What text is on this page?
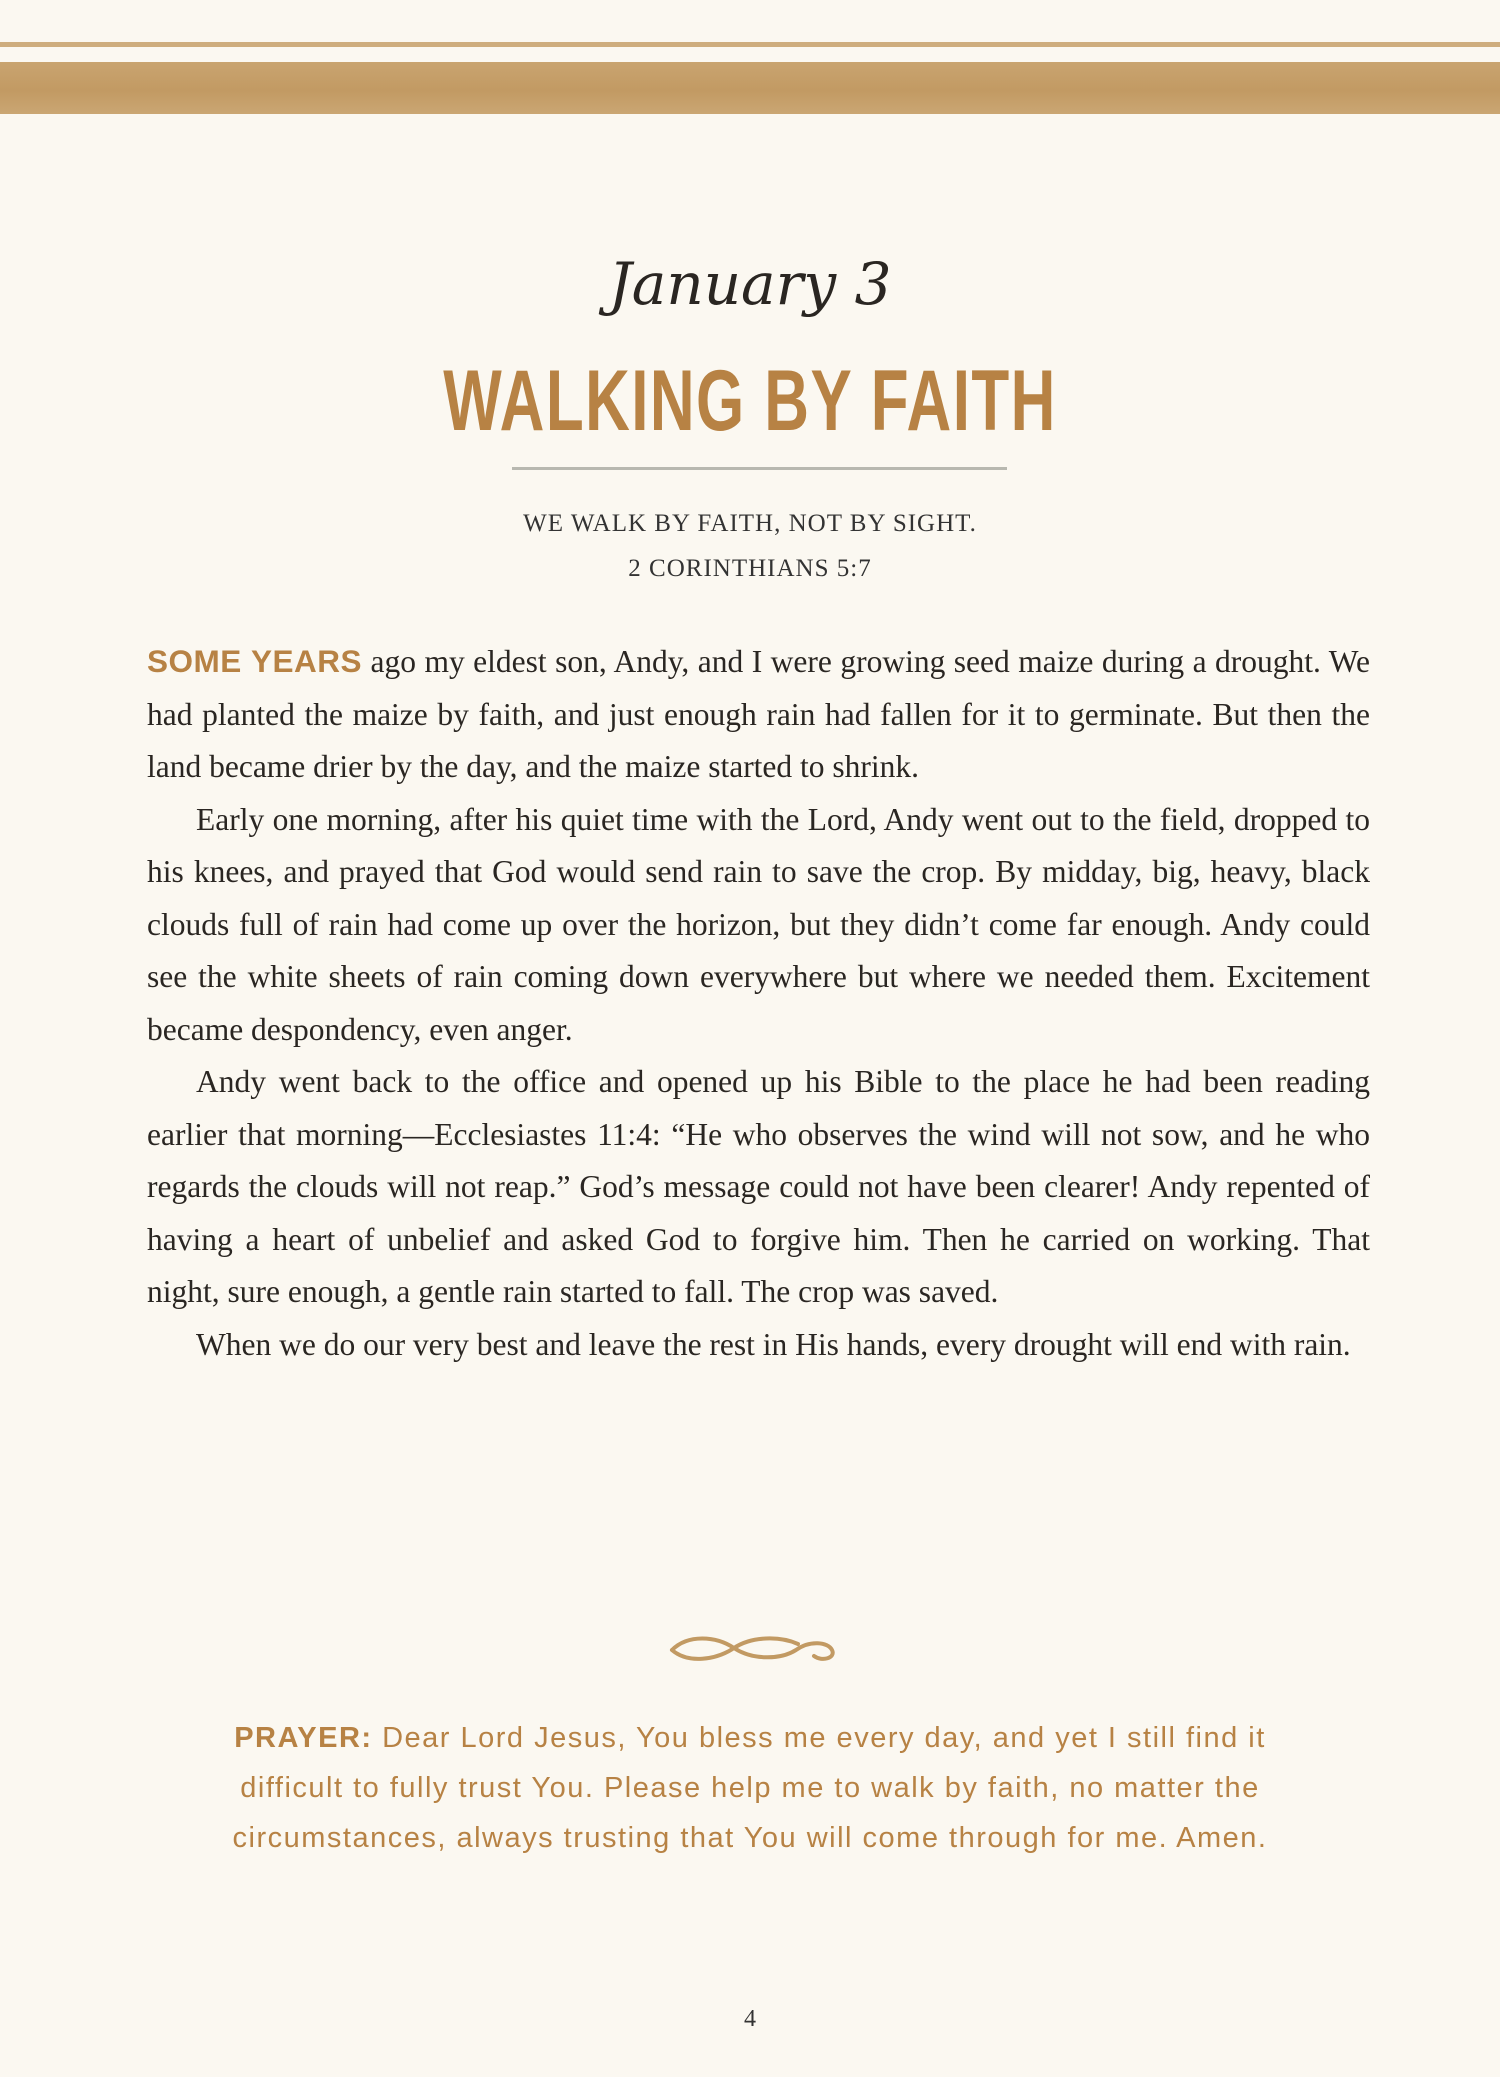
January 3
WALKING BY FAITH
WE WALK BY FAITH, NOT BY SIGHT.
2 CORINTHIANS 5:7

SOME YEARS ago my eldest son, Andy, and I were growing seed maize during a drought. We had planted the maize by faith, and just enough rain had fallen for it to germinate. But then the land became drier by the day, and the maize started to shrink.

Early one morning, after his quiet time with the Lord, Andy went out to the field, dropped to his knees, and prayed that God would send rain to save the crop. By midday, big, heavy, black clouds full of rain had come up over the horizon, but they didn’t come far enough. Andy could see the white sheets of rain coming down everywhere but where we needed them. Excitement became despondency, even anger.

Andy went back to the office and opened up his Bible to the place he had been reading earlier that morning—Ecclesiastes 11:4: “He who observes the wind will not sow, and he who regards the clouds will not reap.” God’s message could not have been clearer! Andy repented of having a heart of unbelief and asked God to forgive him. Then he carried on working. That night, sure enough, a gentle rain started to fall. The crop was saved.

When we do our very best and leave the rest in His hands, every drought will end with rain.

PRAYER: Dear Lord Jesus, You bless me every day, and yet I still find it difficult to fully trust You. Please help me to walk by faith, no matter the circumstances, always trusting that You will come through for me. Amen.
4
